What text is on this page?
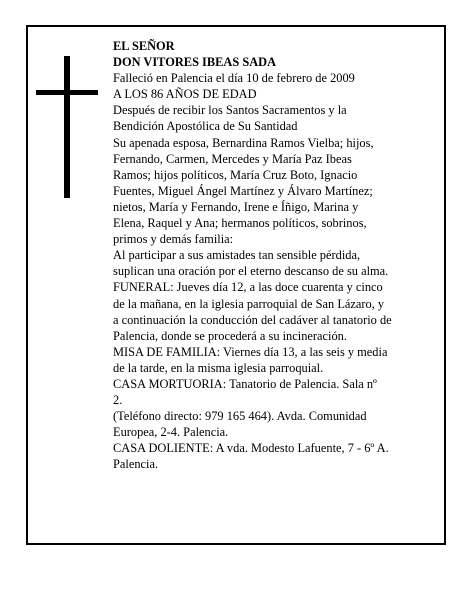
EL SEÑOR
DON VITORES IBEAS SADA
Falleció en Palencia el día 10 de febrero de 2009
A LOS 86 AÑOS DE EDAD
Después de recibir los Santos Sacramentos y la
Bendición Apostólica de Su Santidad
Su apenada esposa, Bernardina Ramos Vielba; hijos,
Fernando, Carmen, Mercedes y María Paz Ibeas
Ramos; hijos políticos, María Cruz Boto, Ignacio
Fuentes, Miguel Ángel Martínez y Álvaro Martínez;
nietos, María y Fernando, Irene e Íñigo, Marina y
Elena, Raquel y Ana; hermanos políticos, sobrinos,
primos y demás familia:
Al participar a sus amistades tan sensible pérdida,
suplican una oración por el eterno descanso de su alma.
FUNERAL: Jueves día 12, a las doce cuarenta y cinco
de la mañana, en la iglesia parroquial de San Lázaro, y
a continuación la conducción del cadáver al tanatorio de
Palencia, donde se procederá a su incineración.
MISA DE FAMILIA: Viernes día 13, a las seis y media
de la tarde, en la misma iglesia parroquial.
CASA MORTUORIA: Tanatorio de Palencia. Sala nº
2.
(Teléfono directo: 979 165 464). Avda. Comunidad
Europea, 2-4. Palencia.
CASA DOLIENTE: A vda. Modesto Lafuente, 7 - 6º A.
Palencia.
